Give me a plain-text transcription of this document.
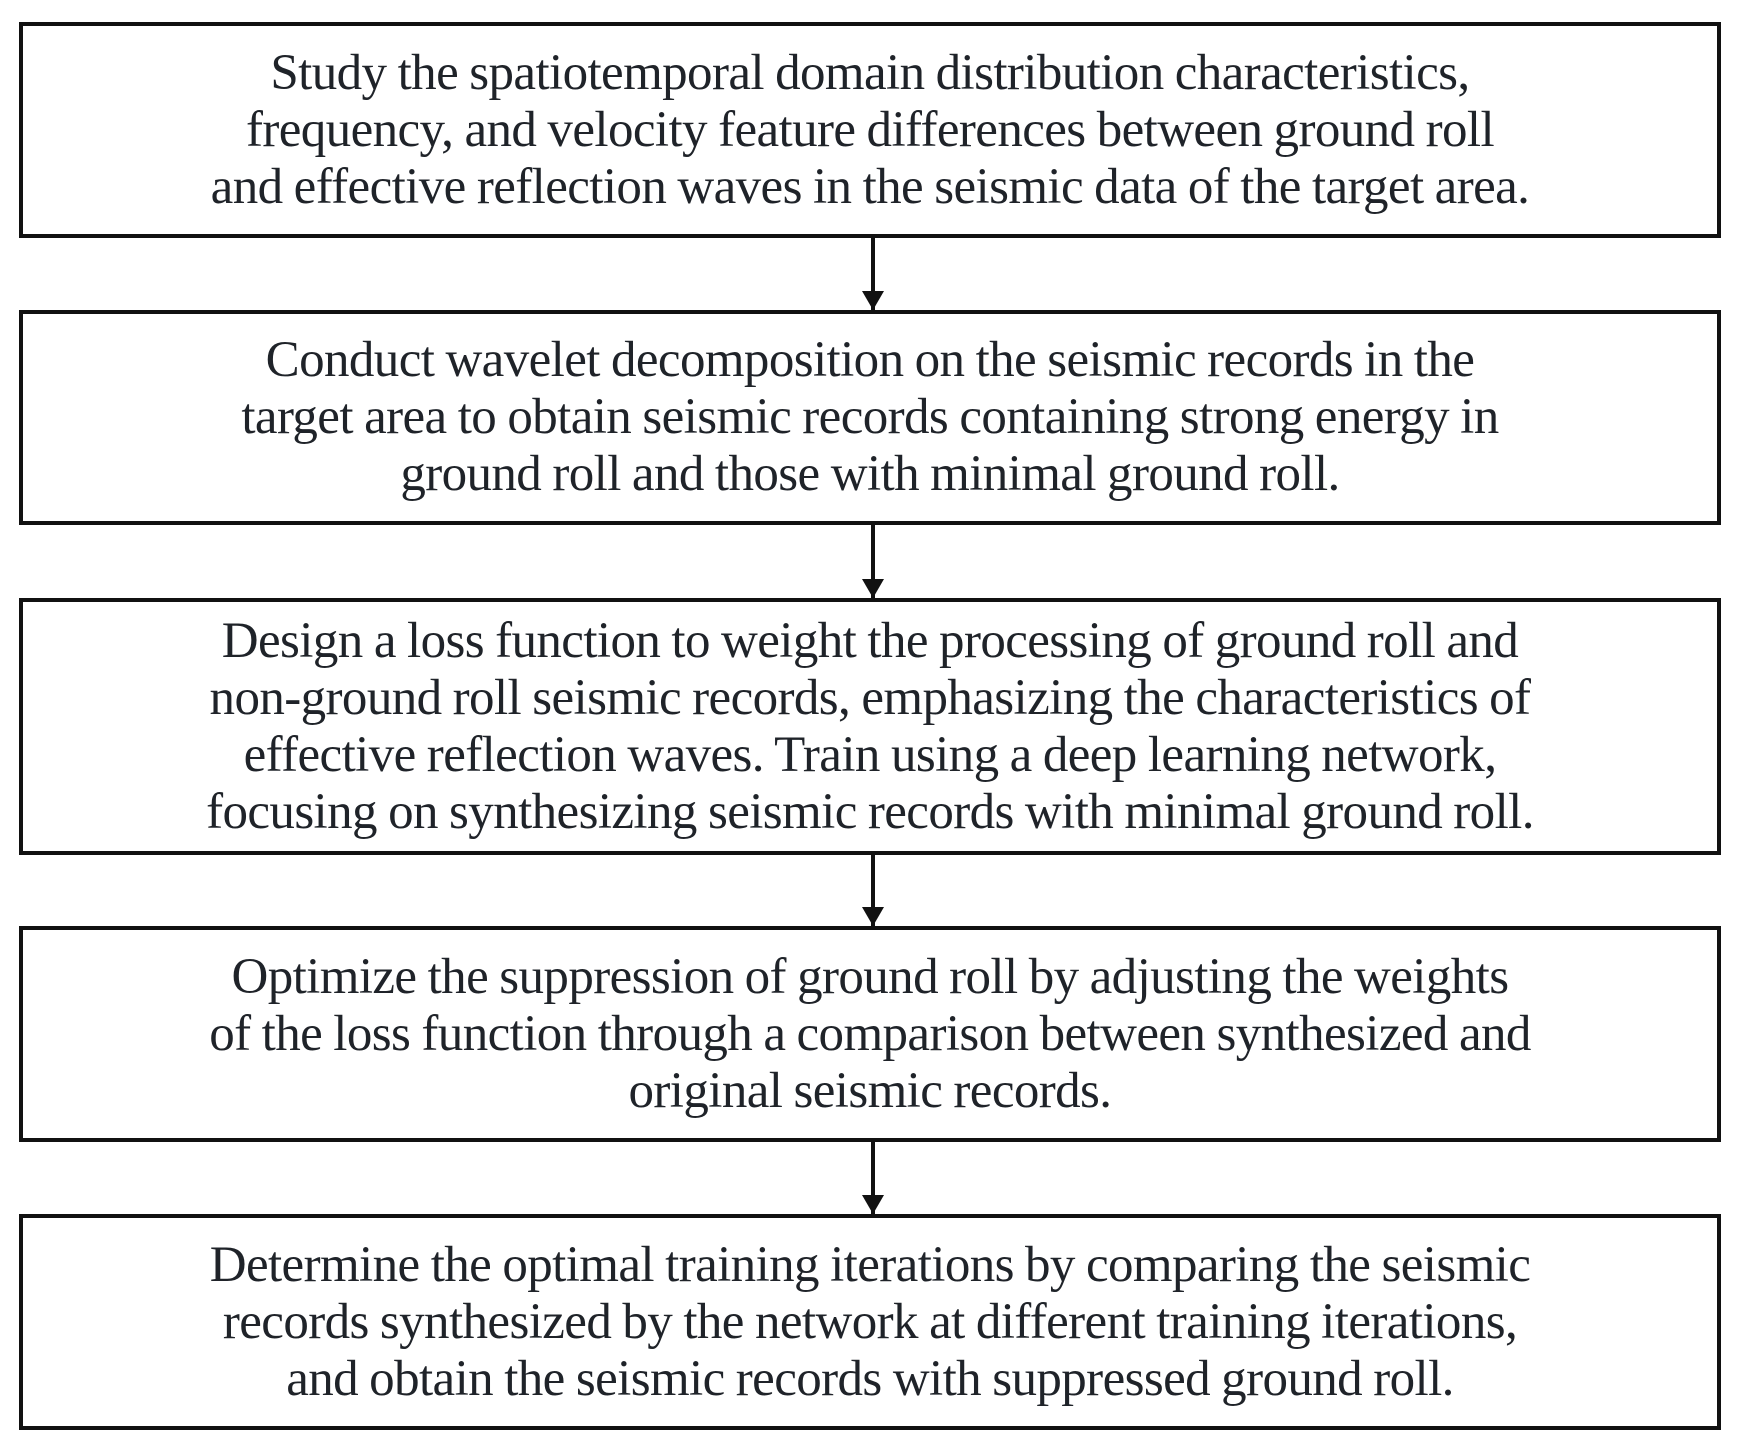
Study the spatiotemporal domain distribution characteristics,
frequency, and velocity feature differences between ground roll
and effective reflection waves in the seismic data of the target area.
Conduct wavelet decomposition on the seismic records in the
target area to obtain seismic records containing strong energy in
ground roll and those with minimal ground roll.
Design a loss function to weight the processing of ground roll and
non-ground roll seismic records, emphasizing the characteristics of
effective reflection waves. Train using a deep learning network,
focusing on synthesizing seismic records with minimal ground roll.
Optimize the suppression of ground roll by adjusting the weights
of the loss function through a comparison between synthesized and
original seismic records.
Determine the optimal training iterations by comparing the seismic
records synthesized by the network at different training iterations,
and obtain the seismic records with suppressed ground roll.
